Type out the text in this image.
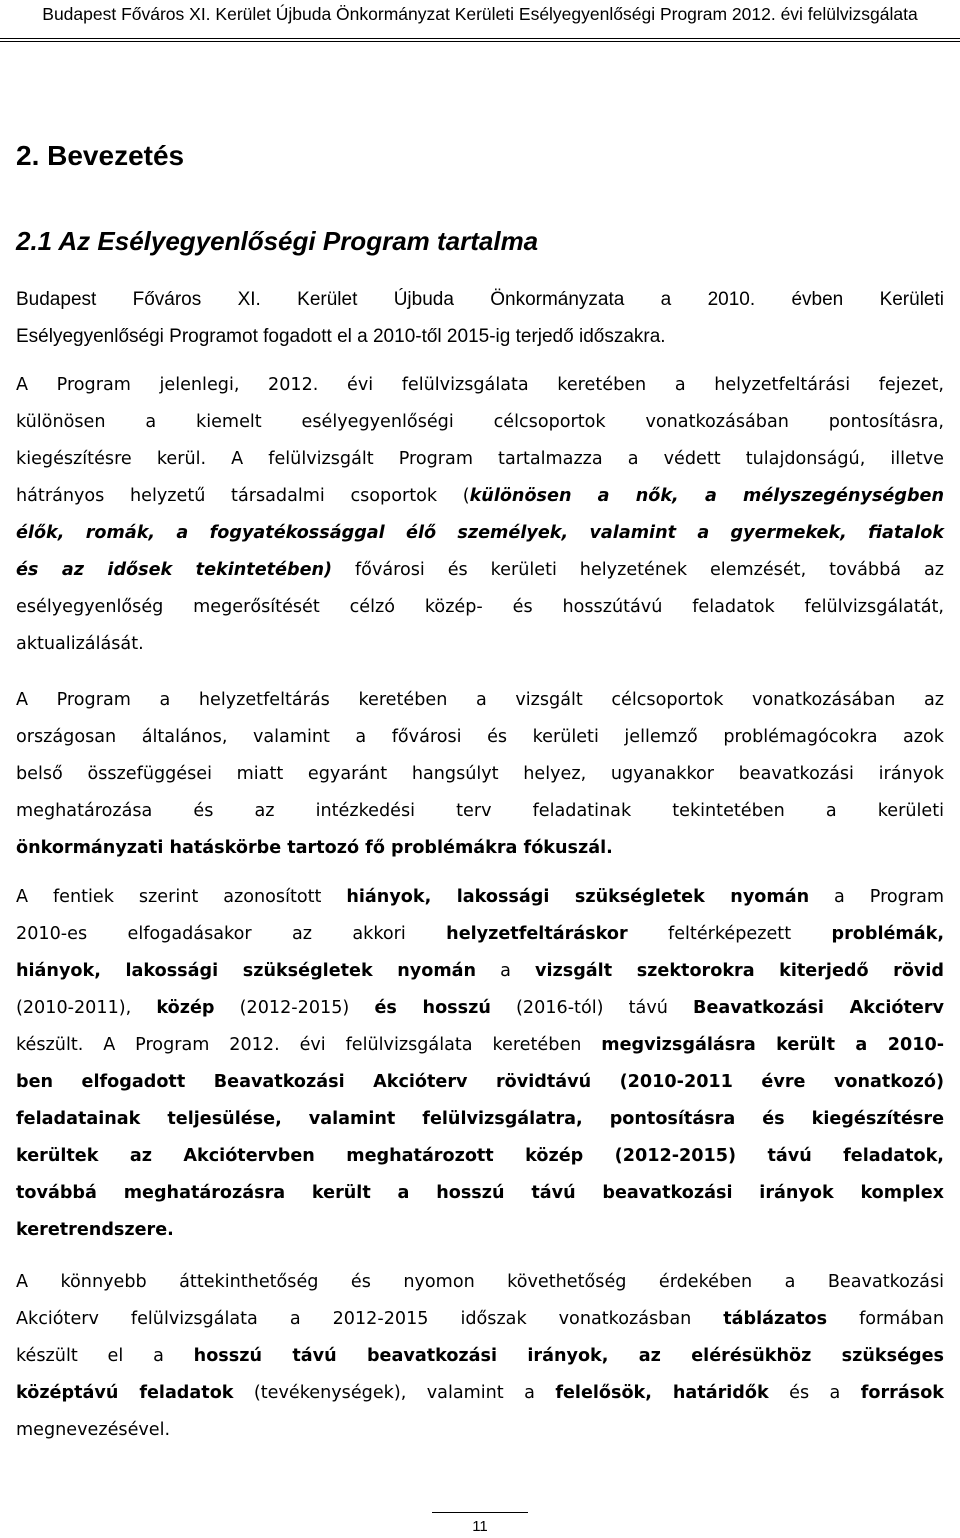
Budapest Főváros XI. Kerület Újbuda Önkormányzat Kerületi Esélyegyenlőségi Program 2012. évi felülvizsgálata
2. Bevezetés
2.1 Az Esélyegyenlőségi Program tartalma
Budapest Főváros XI. Kerület Újbuda Önkormányzata a 2010. évben Kerületi
Esélyegyenlőségi Programot fogadott el a 2010-től 2015-ig terjedő időszakra.
A Program jelenlegi, 2012. évi felülvizsgálata keretében a helyzetfeltárási fejezet,
különösen a kiemelt esélyegyenlőségi célcsoportok vonatkozásában pontosításra,
kiegészítésre kerül. A felülvizsgált Program tartalmazza a védett tulajdonságú, illetve
hátrányos helyzetű társadalmi csoportok (különösen a nők, a mélyszegénységben
élők, romák, a fogyatékossággal élő személyek, valamint a gyermekek, fiatalok
és az idősek tekintetében) fővárosi és kerületi helyzetének elemzését, továbbá az
esélyegyenlőség megerősítését célzó közép- és hosszútávú feladatok felülvizsgálatát,
aktualizálását.
A Program a helyzetfeltárás keretében a vizsgált célcsoportok vonatkozásában az
országosan általános, valamint a fővárosi és kerületi jellemző problémagócokra azok
belső összefüggései miatt egyaránt hangsúlyt helyez, ugyanakkor beavatkozási irányok
meghatározása és az intézkedési terv feladatinak tekintetében a kerületi
önkormányzati hatáskörbe tartozó fő problémákra fókuszál.
A fentiek szerint azonosított hiányok, lakossági szükségletek nyomán a Program
2010-es elfogadásakor az akkori helyzetfeltáráskor feltérképezett problémák,
hiányok, lakossági szükségletek nyomán a vizsgált szektorokra kiterjedő rövid
(2010-2011), közép (2012-2015) és hosszú (2016-tól) távú Beavatkozási Akcióterv
készült. A Program 2012. évi felülvizsgálata keretében megvizsgálásra került a 2010-
ben elfogadott Beavatkozási Akcióterv rövidtávú (2010-2011 évre vonatkozó)
feladatainak teljesülése, valamint felülvizsgálatra, pontosításra és kiegészítésre
kerültek az Akciótervben meghatározott közép (2012-2015) távú feladatok,
továbbá meghatározásra került a hosszú távú beavatkozási irányok komplex
keretrendszere.
A könnyebb áttekinthetőség és nyomon követhetőség érdekében a Beavatkozási
Akcióterv felülvizsgálata a 2012-2015 időszak vonatkozásban táblázatos formában
készült el a hosszú távú beavatkozási irányok, az elérésükhöz szükséges
középtávú feladatok (tevékenységek), valamint a felelősök, határidők és a források
megnevezésével.
11
